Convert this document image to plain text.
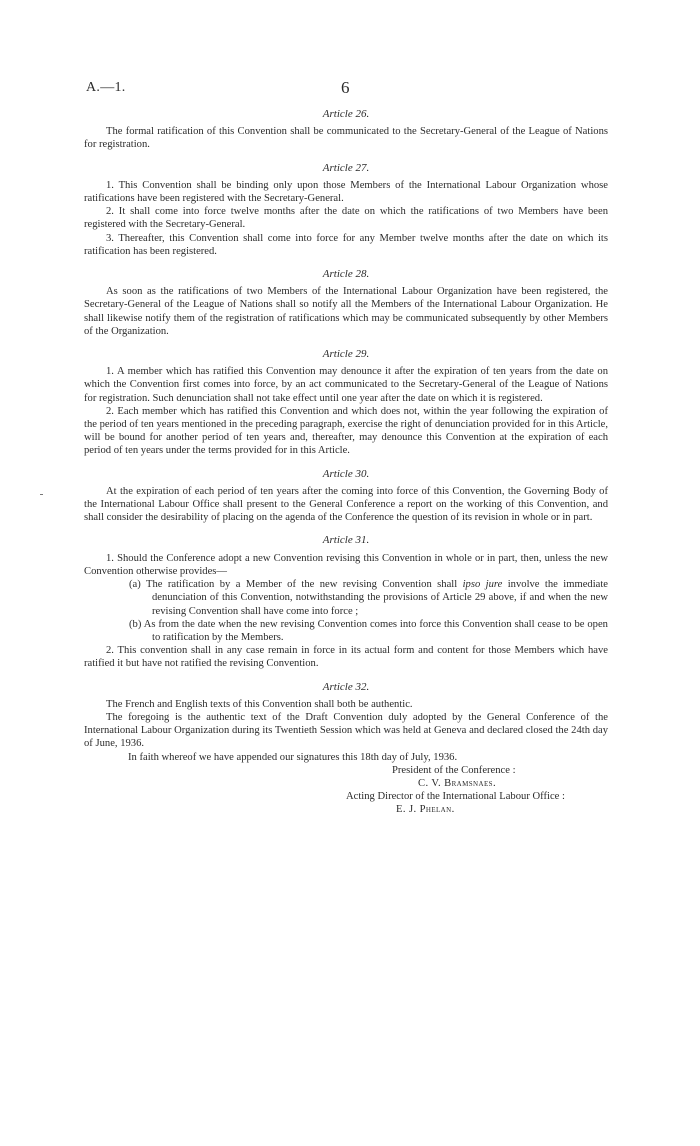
A.—1.	6

Article 26.

The formal ratification of this Convention shall be communicated to the Secretary-General of the League of Nations for registration.

Article 27.

1. This Convention shall be binding only upon those Members of the International Labour Organization whose ratifications have been registered with the Secretary-General.

2. It shall come into force twelve months after the date on which the ratifications of two Members have been registered with the Secretary-General.

3. Thereafter, this Convention shall come into force for any Member twelve months after the date on which its ratification has been registered.

Article 28.

As soon as the ratifications of two Members of the International Labour Organization have been registered, the Secretary-General of the League of Nations shall so notify all the Members of the International Labour Organization. He shall likewise notify them of the registration of ratifications which may be communicated subsequently by other Members of the Organization.

Article 29.

1. A member which has ratified this Convention may denounce it after the expiration of ten years from the date on which the Convention first comes into force, by an act communicated to the Secretary-General of the League of Nations for registration. Such denunciation shall not take effect until one year after the date on which it is registered.

2. Each member which has ratified this Convention and which does not, within the year following the expiration of the period of ten years mentioned in the preceding paragraph, exercise the right of denunciation provided for in this Article, will be bound for another period of ten years and, thereafter, may denounce this Convention at the expiration of each period of ten years under the terms provided for in this Article.

Article 30.

At the expiration of each period of ten years after the coming into force of this Convention, the Governing Body of the International Labour Office shall present to the General Conference a report on the working of this Convention, and shall consider the desirability of placing on the agenda of the Conference the question of its revision in whole or in part.

Article 31.

1. Should the Conference adopt a new Convention revising this Convention in whole or in part, then, unless the new Convention otherwise provides—

(a) The ratification by a Member of the new revising Convention shall ipso jure involve the immediate denunciation of this Convention, notwithstanding the provisions of Article 29 above, if and when the new revising Convention shall have come into force ;

(b) As from the date when the new revising Convention comes into force this Convention shall cease to be open to ratification by the Members.

2. This convention shall in any case remain in force in its actual form and content for those Members which have ratified it but have not ratified the revising Convention.

Article 32.

The French and English texts of this Convention shall both be authentic.

The foregoing is the authentic text of the Draft Convention duly adopted by the General Conference of the International Labour Organization during its Twentieth Session which was held at Geneva and declared closed the 24th day of June, 1936.

In faith whereof we have appended our signatures this 18th day of July, 1936.

President of the Conference :

C. V. Bramsnaes.

Acting Director of the International Labour Office :

E. J. Phelan.
